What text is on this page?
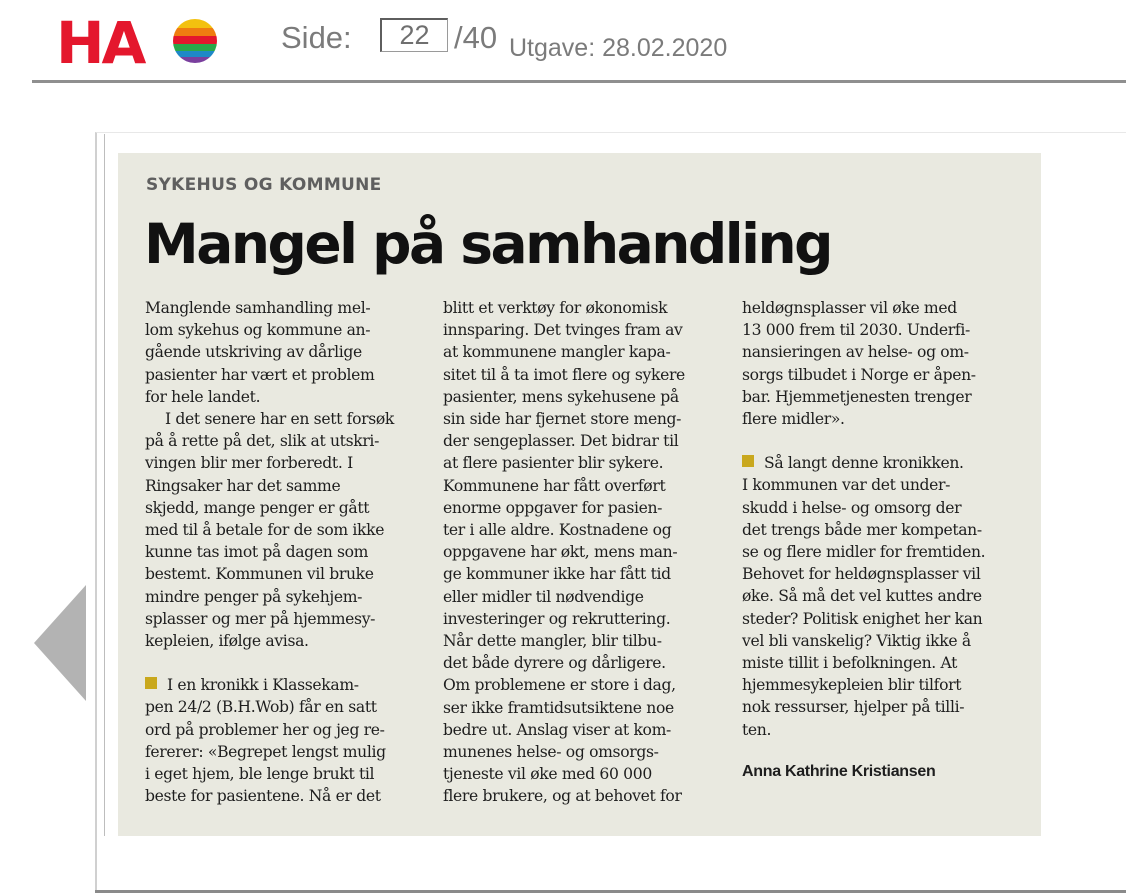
HA	Side:
22	/40 Utgave: 28.02.2020
SYKEHUS OG KOMMUNE
Mangel på samhandling

Manglende samhandling mel-
lom sykehus og kommune an-
gående utskriving av dårlige
pasienter har vært et problem
for hele landet.

I det senere har en sett forsøk
på å rette på det, slik at utskri-
vingen blir mer forberedt. I
Ringsaker har det samme
skjedd, mange penger er gått
med til å betale for de som ikke
kunne tas imot på dagen som
bestemt. Kommunen vil bruke
mindre penger på sykehjem-
splasser og mer på hjemmesy-
kepleien, ifølge avisa.

I en kronikk i Klassekam-
pen 24/2 (B.H.Wob) får en satt
ord på problemer her og jeg re-
fererer: «Begrepet lengst mulig
i eget hjem, ble lenge brukt til
beste for pasientene. Nå er det

blitt et verktøy for økonomisk
innsparing. Det tvinges fram av
at kommunene mangler kapa-
sitet til å ta imot flere og sykere
pasienter, mens sykehusene på
sin side har fjernet store meng-
der sengeplasser. Det bidrar til
at flere pasienter blir sykere.
Kommunene har fått overført
enorme oppgaver for pasien-
ter i alle aldre. Kostnadene og
oppgavene har økt, mens man-
ge kommuner ikke har fått tid
eller midler til nødvendige
investeringer og rekruttering.
Når dette mangler, blir tilbu-
det både dyrere og dårligere.
Om problemene er store i dag,
ser ikke framtidsutsiktene noe
bedre ut. Anslag viser at kom-
munenes helse- og omsorgs-
tjeneste vil øke med 60 000
flere brukere, og at behovet for

heldøgnsplasser vil øke med
13 000 frem til 2030. Underfi-
nansieringen av helse- og om-
sorgs tilbudet i Norge er åpen-
bar. Hjemmetjenesten trenger
flere midler».

Så langt denne kronikken.
I kommunen var det under-
skudd i helse- og omsorg der
det trengs både mer kompetan-
se og flere midler for fremtiden.
Behovet for heldøgnsplasser vil
øke. Så må det vel kuttes andre
steder? Politisk enighet her kan
vel bli vanskelig? Viktig ikke å
miste tillit i befolkningen. At
hjemmesykepleien blir tilfort
nok ressurser, hjelper på tilli-
ten.

Anna Kathrine Kristiansen
